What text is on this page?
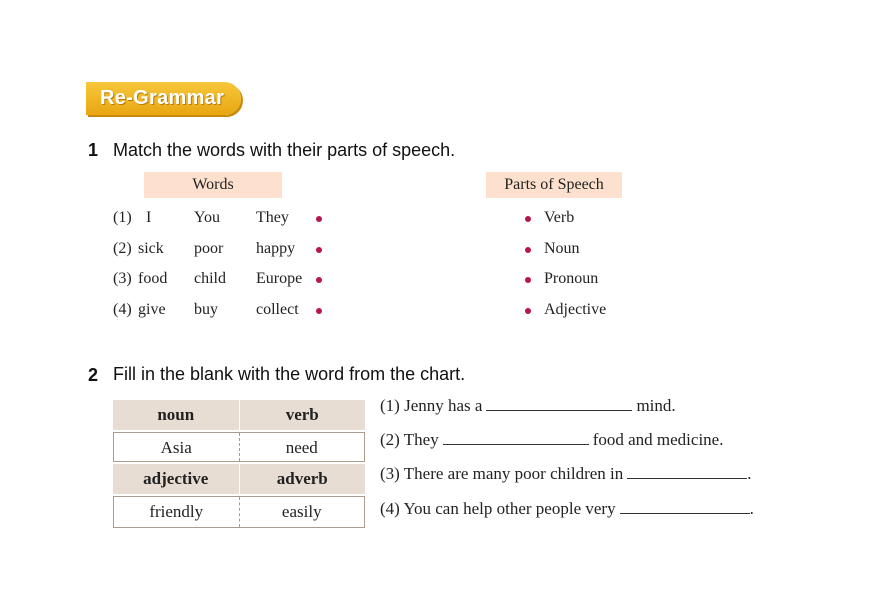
Re-Grammar
1 Match the words with their parts of speech.
Words	Parts of Speech
(1) I	You They
(2) sick poor happy
(3) food child Europe
(4) give buy collect
Verb
Noun
Pronoun
Adjective
2 Fill in the blank with the word from the chart.
noun	verb
Asia	need
adjective	adverb
friendly	easily
(1) Jenny has a	mind.
(2) They	food and medicine.
(3) There are many poor children in	.
(4) You can help other people very	.
